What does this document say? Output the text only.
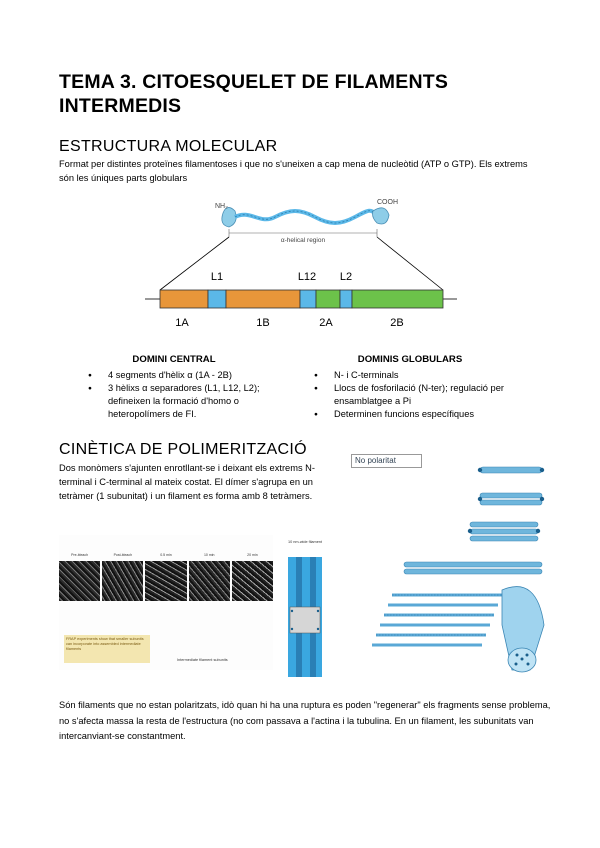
TEMA 3. CITOESQUELET DE FILAMENTS INTERMEDIS
ESTRUCTURA MOLECULAR
Format per distintes proteïnes filamentoses i que no s'uneixen a cap mena de nucleòtid (ATP o GTP). Els extrems són les úniques parts globulars
NH₂
COOH
α-helical region
L1	L12 L2
1A	1B	2A	2B
DOMINI CENTRAL
● 4 segments d'hèlix α (1A - 2B)
● 3 hèlixs α separadores (L1, L12, L2); defineixen la formació d'homo o heteropolímers de FI.
DOMINIS GLOBULARS
● N- i C-terminals
● Llocs de fosforilació (N-ter); regulació per ensamblatgee a Pi
● Determinen funcions específiques
CINÈTICA DE POLIMERITZACIÓ
Dos monòmers s'ajunten enrotllant-se i deixant els extrems N-terminal i C-terminal al mateix costat. El dímer s'agrupa en un tetràmer (1 subunitat) i un filament es forma amb 8 tetràmers.
No polaritat
Pre-bleach	Post-bleach	0.5 min	10 min	20 min
FRAP experiments show that smaller subunits can incorporate into assembled intermediate filaments
Intermediate filament subunits
10 nm-wide filament
Són filaments que no estan polaritzats, idò quan hi ha una ruptura es poden "regenerar" els fragments sense problema, no s'afecta massa la resta de l'estructura (no com passava a l'actina i la tubulina. En un filament, les subunitats van intercanviant-se constantment.
